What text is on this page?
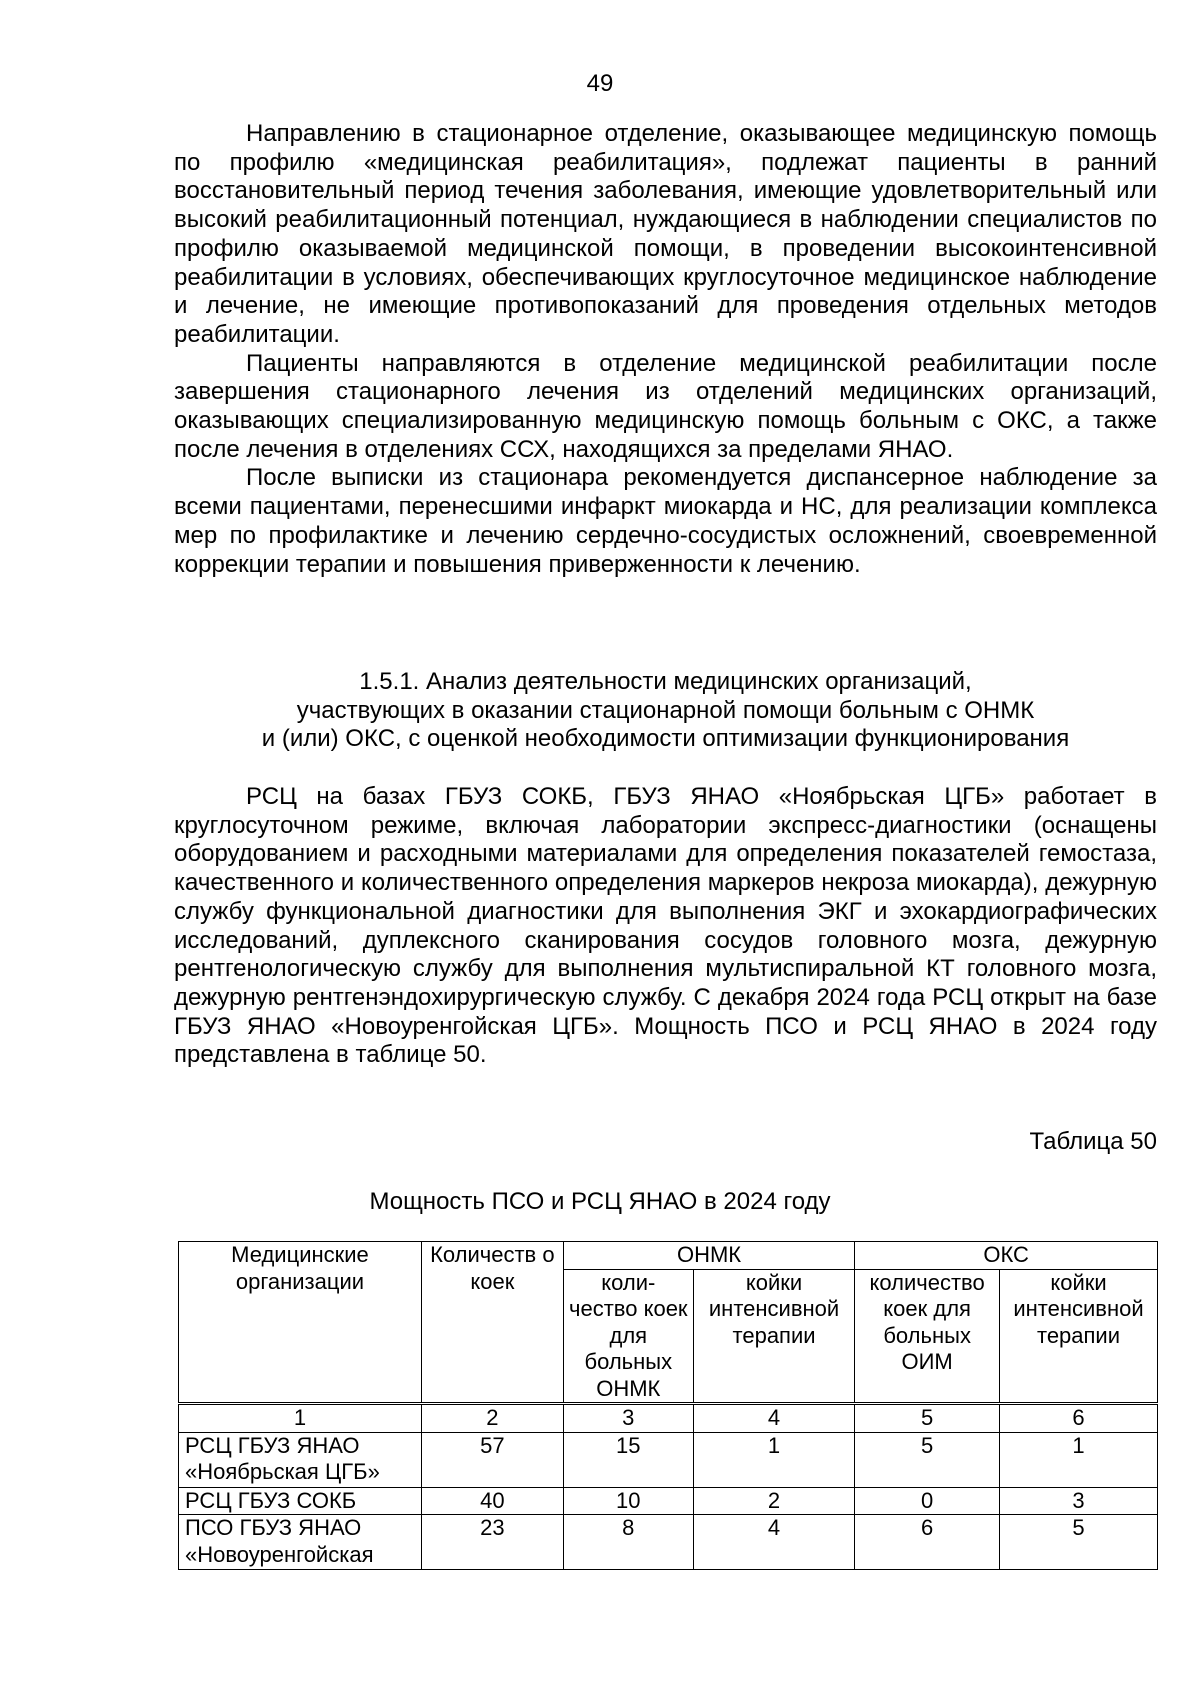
49

Направлению в стационарное отделение, оказывающее медицинскую помощь по профилю «медицинская реабилитация», подлежат пациенты в ранний восстановительный период течения заболевания, имеющие удовлетворительный или высокий реабилитационный потенциал, нуждающиеся в наблюдении специалистов по профилю оказываемой медицинской помощи, в проведении высокоинтенсивной реабилитации в условиях, обеспечивающих круглосуточное медицинское наблюдение и лечение, не имеющие противопоказаний для проведения отдельных методов реабилитации.

Пациенты направляются в отделение медицинской реабилитации после завершения стационарного лечения из отделений медицинских организаций, оказывающих специализированную медицинскую помощь больным с ОКС, а также после лечения в отделениях ССХ, находящихся за пределами ЯНАО.

После выписки из стационара рекомендуется диспансерное наблюдение за всеми пациентами, перенесшими инфаркт миокарда и НС, для реализации комплекса мер по профилактике и лечению сердечно-сосудистых осложнений, своевременной коррекции терапии и повышения приверженности к лечению.

1.5.1. Анализ деятельности медицинских организаций,
участвующих в оказании стационарной помощи больным с ОНМК
и (или) ОКС, с оценкой необходимости оптимизации функционирования

РСЦ на базах ГБУЗ СОКБ, ГБУЗ ЯНАО «Ноябрьская ЦГБ» работает в круглосуточном режиме, включая лаборатории экспресс-диагностики (оснащены оборудованием и расходными материалами для определения показателей гемостаза, качественного и количественного определения маркеров некроза миокарда), дежурную службу функциональной диагностики для выполнения ЭКГ и эхокардиографических исследований, дуплексного сканирования сосудов головного мозга, дежурную рентгенологическую службу для выполнения мультиспиральной КТ головного мозга, дежурную рентгенэндохирургическую службу. С декабря 2024 года РСЦ открыт на базе ГБУЗ ЯНАО «Новоуренгойская ЦГБ». Мощность ПСО и РСЦ ЯНАО в 2024 году представлена в таблице 50.

Таблица 50
Мощность ПСО и РСЦ ЯНАО в 2024 году
Медицинские организации	Количеств о коек	ОНМК		ОКС	
		коли- чество коек для больных ОНМК	койки интенсивной терапии	количество коек для больных ОИМ	койки интенсивной терапии
1	2	3	4	5	6
РСЦ ГБУЗ ЯНАО «Ноябрьская ЦГБ»	57	15	1	5	1
РСЦ ГБУЗ СОКБ	40	10	2	0	3
ПСО ГБУЗ ЯНАО «Новоуренгойская	23	8	4	6	5
